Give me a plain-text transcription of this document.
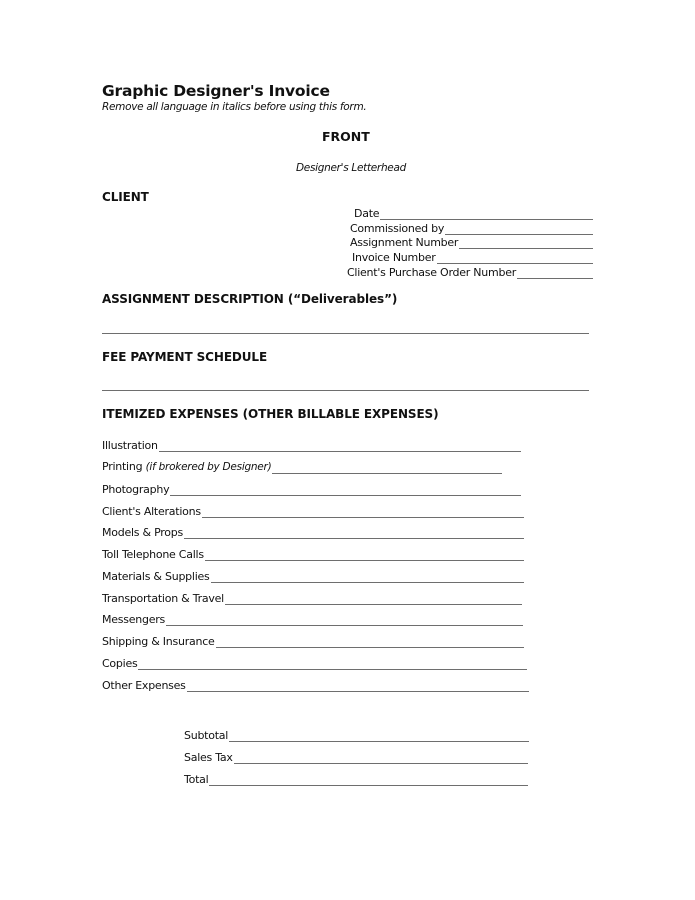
Graphic Designer's Invoice
Remove all language in italics before using this form.
FRONT
Designer's Letterhead
CLIENT
Date
Commissioned by
Assignment Number
Invoice Number
Client's Purchase Order Number
ASSIGNMENT DESCRIPTION (“Deliverables”)
FEE PAYMENT SCHEDULE
ITEMIZED EXPENSES (OTHER BILLABLE EXPENSES)
Illustration
Printing (if brokered by Designer)
Photography
Client's Alterations
Models & Props
Toll Telephone Calls
Materials & Supplies
Transportation & Travel
Messengers
Shipping & Insurance
Copies
Other Expenses
Subtotal
Sales Tax
Total
